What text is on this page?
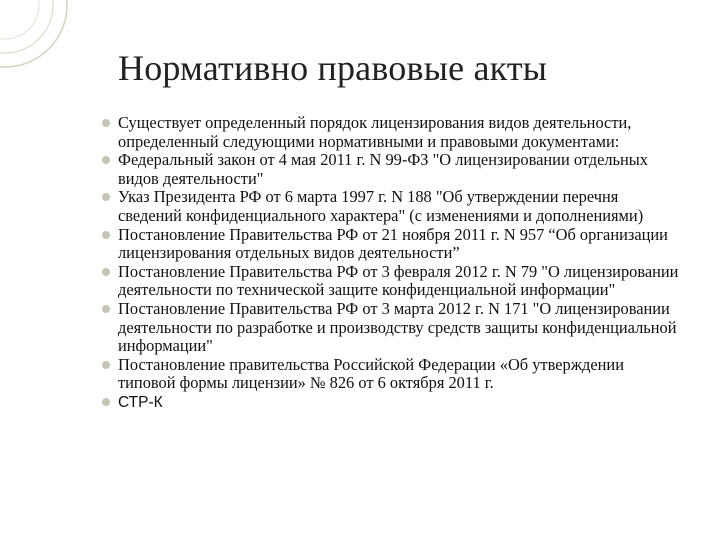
Нормативно правовые акты
Существует определенный порядок лицензирования видов деятельности, определенный следующими нормативными и правовыми документами:
Федеральный закон от 4 мая 2011 г. N 99-ФЗ "О лицензировании отдельных видов деятельности"
Указ Президента РФ от 6 марта 1997 г. N 188 "Об утверждении перечня сведений конфиденциального характера" (с изменениями и дополнениями)
Постановление Правительства РФ от 21 ноября 2011 г. N 957 “Об организации лицензирования отдельных видов деятельности”
Постановление Правительства РФ от 3 февраля 2012 г. N 79 "О лицензировании деятельности по технической защите конфиденциальной информации"
Постановление Правительства РФ от 3 марта 2012 г. N 171 "О лицензировании деятельности по разработке и производству средств защиты конфиденциальной информации"
Постановление правительства Российской Федерации «Об утверждении типовой формы лицензии» № 826 от 6 октября 2011 г.
СТР-К
